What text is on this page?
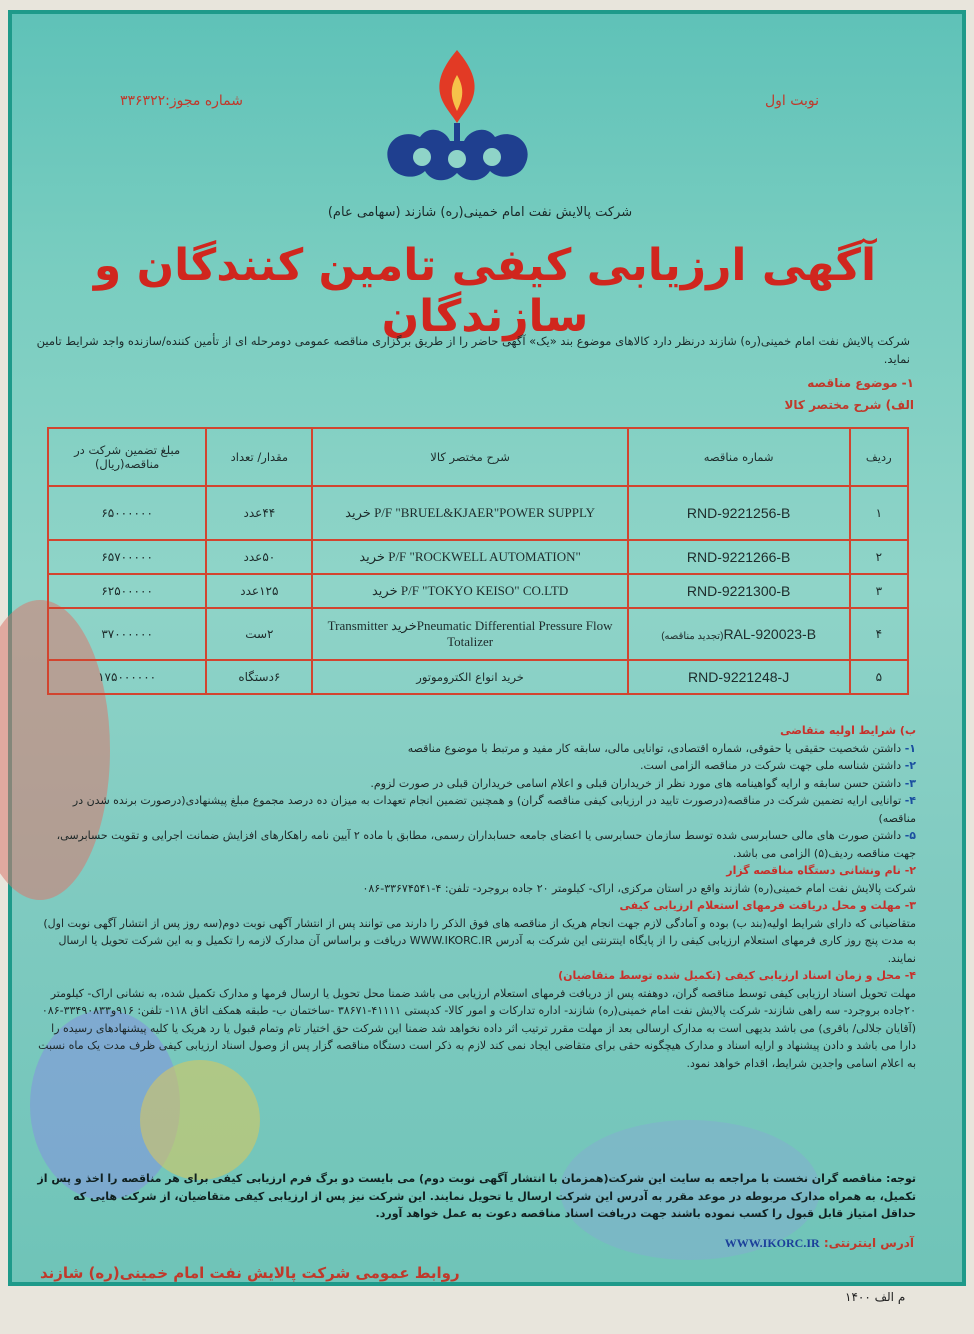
نوبت اول
شماره مجوز:۳۳۶۳۲۲
شرکت پالایش نفت امام خمینی(ره) شازند (سهامی عام)
آگهی ارزیابی کیفی تامین کنندگان و سازندگان
شرکت پالایش نفت امام خمینی(ره) شازند درنظر دارد کالاهای موضوع بند «یک» آگهی حاضر را از طریق برگزاری مناقصه عمومی دومرحله ای از تأمین کننده/سازنده واجد شرایط تامین نماید.
۱- موضوع مناقصه
الف) شرح مختصر کالا
ردیف	شماره مناقصه	شرح مختصر کالا	مقدار/ تعداد	مبلغ تضمین شرکت در مناقصه(ریال)
۱	RND-9221256-B	P/F "BRUEL&KJAER"POWER SUPPLY خرید	۴۴عدد	۶۵۰۰۰۰۰۰
۲	RND-9221266-B	"P/F "ROCKWELL AUTOMATION خرید	۵۰عدد	۶۵۷۰۰۰۰۰
۳	RND-9221300-B	P/F "TOKYO KEISO" CO.LTD خرید	۱۲۵عدد	۶۲۵۰۰۰۰۰
۴	(تجدید مناقصه)RAL-920023-B	Pneumatic Differential Pressure Flowخرید Transmitter Totalizer	۲ست	۳۷۰۰۰۰۰۰
۵	RND-9221248-J	خرید انواع الکتروموتور	۶دستگاه	۱۷۵۰۰۰۰۰۰
ب) شرایط اولیه متقاضی
۱- داشتن شخصیت حقیقی یا حقوقی، شماره اقتصادی، توانایی مالی، سابقه کار مفید و مرتبط با موضوع مناقصه
۲- داشتن شناسه ملی جهت شرکت در مناقصه الزامی است.
۳- داشتن حسن سابقه و ارایه گواهینامه های مورد نظر از خریداران قبلی و اعلام اسامی خریداران قبلی در صورت لزوم.
۴- توانایی ارایه تضمین شرکت در مناقصه(درصورت تایید در ارزیابی کیفی مناقصه گران) و همچنین تضمین انجام تعهدات به میزان ده درصد مجموع مبلغ پیشنهادی(درصورت برنده شدن در مناقصه)
۵- داشتن صورت های مالی حسابرسی شده توسط سازمان حسابرسی یا اعضای جامعه حسابداران رسمی، مطابق با ماده ۲ آیین نامه راهکارهای افزایش ضمانت اجرایی و تقویت حسابرسی، جهت مناقصه ردیف(۵) الزامی می باشد.
۲- نام ونشانی دستگاه مناقصه گزار
شرکت پالایش نفت امام خمینی(ره) شازند واقع در استان مرکزی، اراک- کیلومتر ۲۰ جاده بروجرد- تلفن: ۴-۳۳۶۷۴۵۴۱-۰۸۶
۳- مهلت و محل دریافت فرمهای استعلام ارزیابی کیفی
متقاضیانی که دارای شرایط اولیه(بند ب) بوده و آمادگی لازم جهت انجام هریک از مناقصه های فوق الذکر را دارند می توانند پس از انتشار آگهی نوبت دوم(سه روز پس از انتشار آگهی نوبت اول) به مدت پنج روز کاری فرمهای استعلام ارزیابی کیفی را از پایگاه اینترنتی این شرکت به آدرس WWW.IKORC.IR دریافت و براساس آن مدارک لازمه را تکمیل و به این شرکت تحویل یا ارسال نمایند.
۴- محل و زمان اسناد ارزیابی کیفی (تکمیل شده توسط متقاضیان)
مهلت تحویل اسناد ارزیابی کیفی توسط مناقصه گران، دوهفته پس از دریافت فرمهای استعلام ارزیابی می باشد ضمنا محل تحویل یا ارسال فرمها و مدارک تکمیل شده، به نشانی اراک- کیلومتر ۲۰جاده بروجرد- سه راهی شازند- شرکت پالایش نفت امام خمینی(ره) شازند- اداره تدارکات و امور کالا- کدپستی ۴۱۱۱۱-۳۸۶۷۱ -ساختمان ب- طبقه همکف اتاق ۱۱۸- تلفن: ۹۱۶و۳۳۴۹۰۸۳۳-۰۸۶ (آقایان جلالی/ باقری) می باشد بدیهی است به مدارک ارسالی بعد از مهلت مقرر ترتیب اثر داده نخواهد شد ضمنا این شرکت حق اختیار تام وتمام قبول یا رد هریک یا کلیه پیشنهادهای رسیده را دارا می باشد و دادن پیشنهاد و ارایه اسناد و مدارک هیچگونه حقی برای متقاضی ایجاد نمی کند لازم به ذکر است دستگاه مناقصه گزار پس از وصول اسناد ارزیابی کیفی ظرف مدت یک ماه نسبت به اعلام اسامی واجدین شرایط، اقدام خواهد نمود.
توجه: مناقصه گران نخست با مراجعه به سایت این شرکت(همزمان با انتشار آگهی نوبت دوم) می بایست دو برگ فرم ارزیابی کیفی برای هر مناقصه را اخذ و پس از تکمیل، به همراه مدارک مربوطه در موعد مقرر به آدرس این شرکت ارسال یا تحویل نمایند. این شرکت نیز پس از ارزیابی کیفی متقاضیان، از شرکت هایی که حداقل امتیاز قابل قبول را کسب نموده باشند جهت دریافت اسناد مناقصه دعوت به عمل خواهد آورد.
آدرس اینترنتی: WWW.IKORC.IR
روابط عمومی شرکت پالایش نفت امام خمینی(ره) شازند
م الف ۱۴۰۰
